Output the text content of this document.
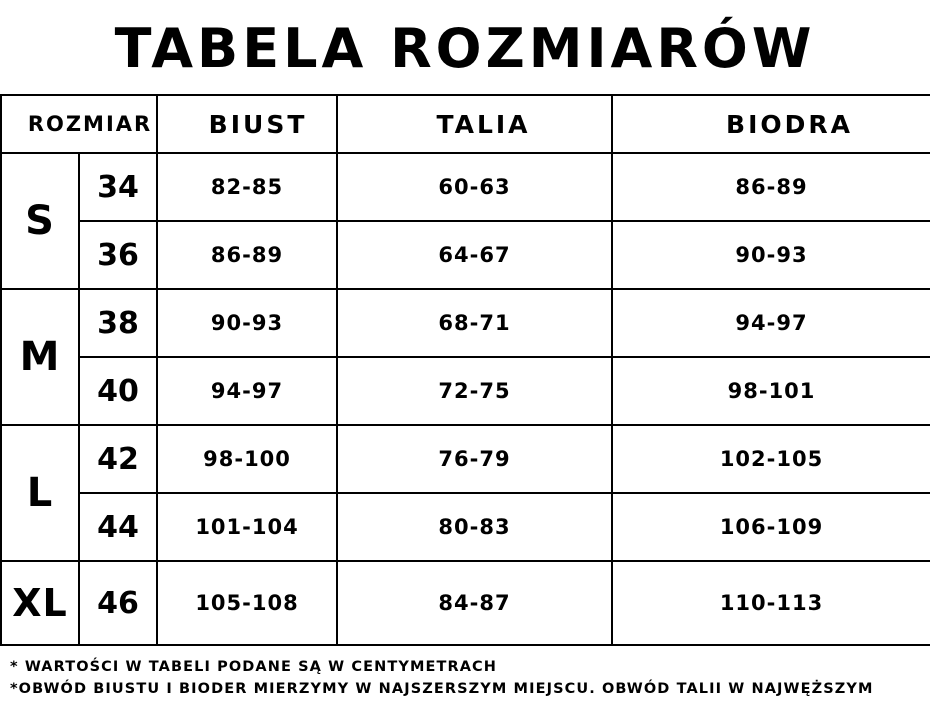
TABELA ROZMIARÓW
ROZMIAR		BIUST	TALIA	BIODRA
S	34	82-85	60-63	86-89
	36	86-89	64-67	90-93
M	38	90-93	68-71	94-97
	40	94-97	72-75	98-101
L	42	98-100	76-79	102-105
	44	101-104	80-83	106-109
XL	46	105-108	84-87	110-113
* WARTOŚCI W TABELI PODANE SĄ W CENTYMETRACH
*OBWÓD BIUSTU I BIODER MIERZYMY W NAJSZERSZYM MIEJSCU. OBWÓD TALII W NAJWĘŻSZYM
